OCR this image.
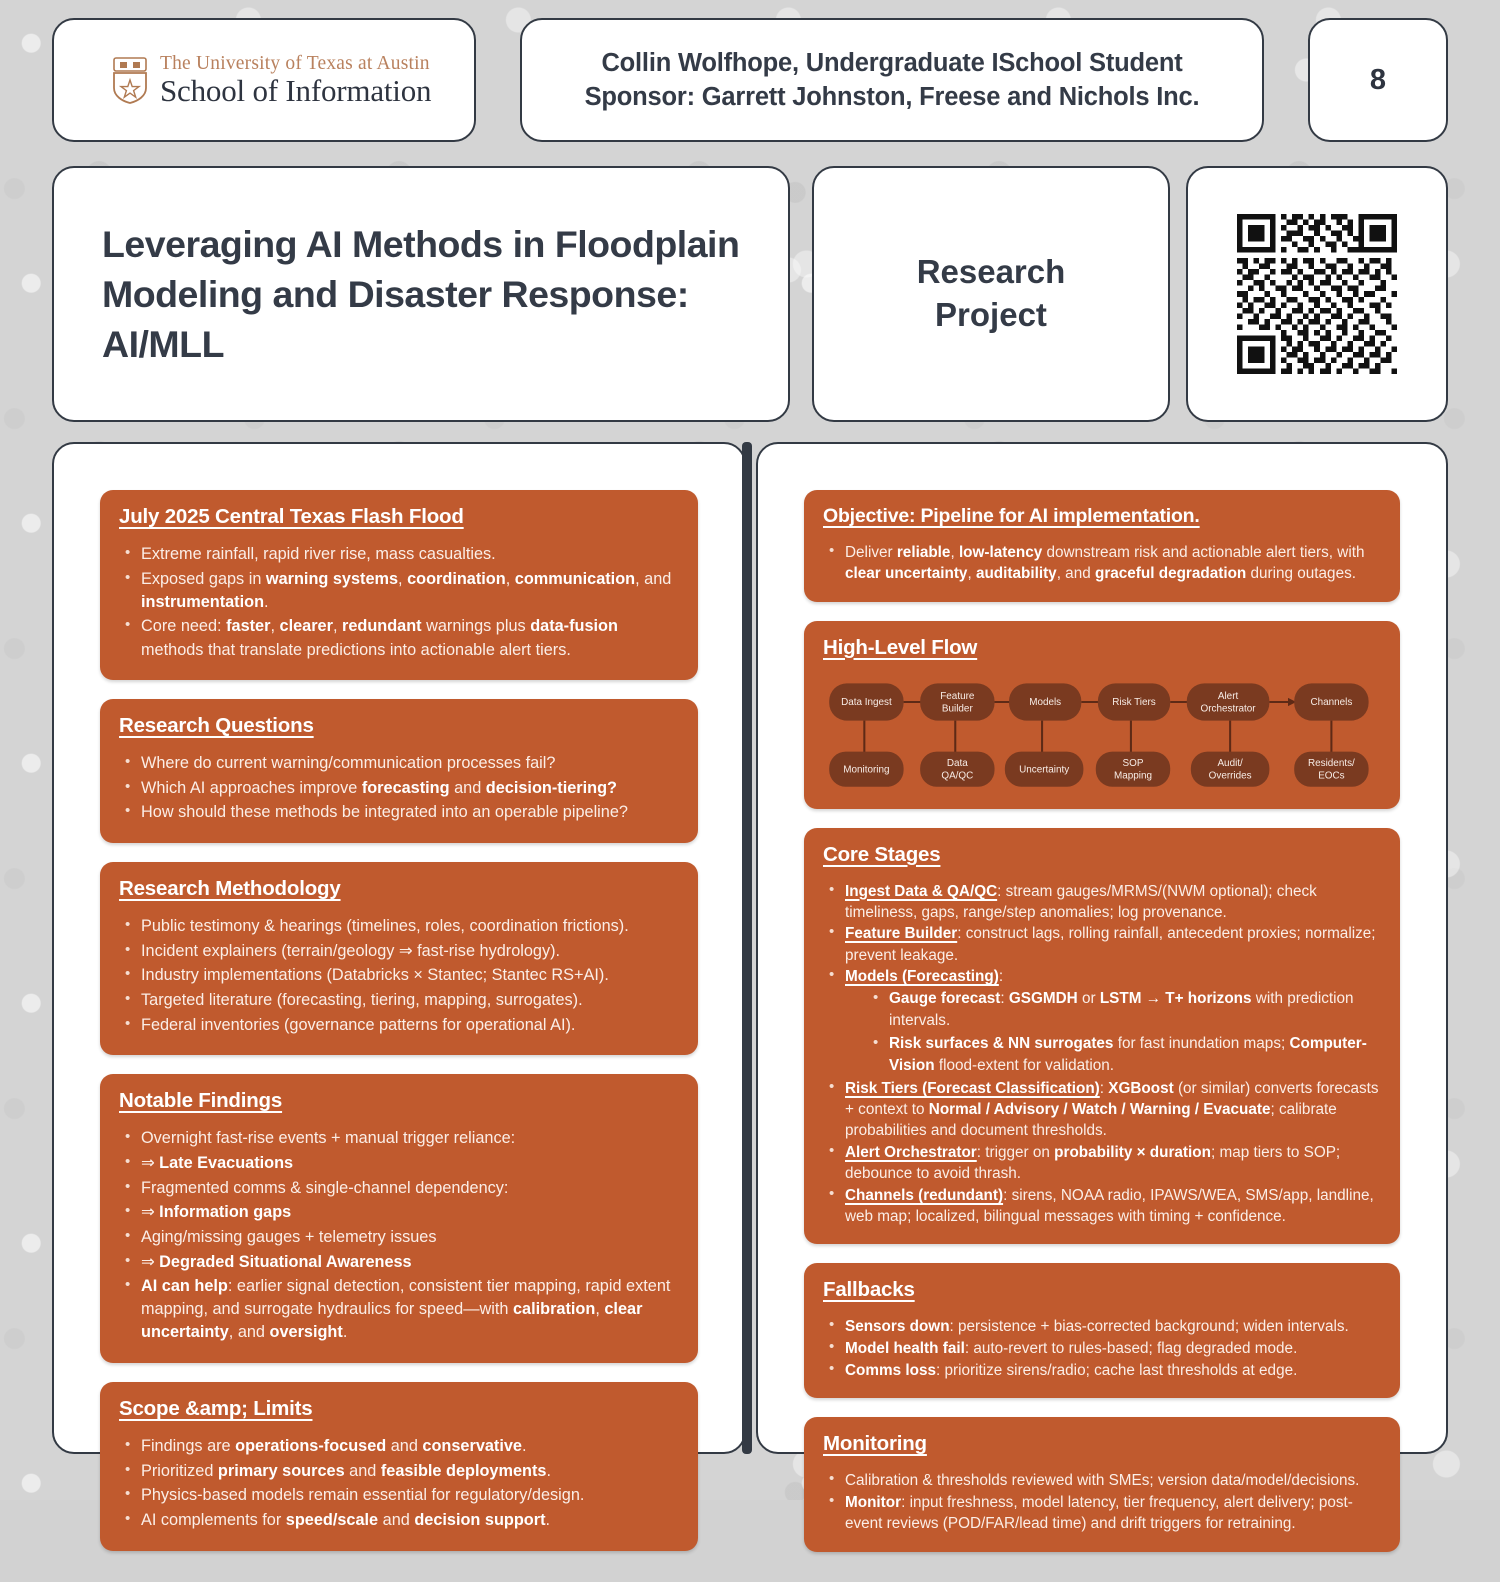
The University of Texas at Austin
School of Information
Collin Wolfhope, Undergraduate ISchool Student
Sponsor: Garrett Johnston, Freese and Nichols Inc.
8
Leveraging AI Methods in Floodplain Modeling and Disaster Response: AI/MLL
Research
Project
July 2025 Central Texas Flash Flood
• Extreme rainfall, rapid river rise, mass casualties.
• Exposed gaps in warning systems, coordination, communication, and instrumentation.
• Core need: faster, clearer, redundant warnings plus data-fusion methods that translate predictions into actionable alert tiers.
Research Questions
• Where do current warning/communication processes fail?
• Which AI approaches improve forecasting and decision-tiering?
• How should these methods be integrated into an operable pipeline?
Research Methodology
• Public testimony & hearings (timelines, roles, coordination frictions).
• Incident explainers (terrain/geology ⇒ fast-rise hydrology).
• Industry implementations (Databricks × Stantec; Stantec RS+AI).
• Targeted literature (forecasting, tiering, mapping, surrogates).
• Federal inventories (governance patterns for operational AI).
Notable Findings
• Overnight fast-rise events + manual trigger reliance:
• ⇒ Late Evacuations
• Fragmented comms & single-channel dependency:
• ⇒ Information gaps
• Aging/missing gauges + telemetry issues
• ⇒ Degraded Situational Awareness
• AI can help: earlier signal detection, consistent tier mapping, rapid extent mapping, and surrogate hydraulics for speed—with calibration, clear uncertainty, and oversight.
Scope &amp; Limits
• Findings are operations-focused and conservative.
• Prioritized primary sources and feasible deployments.
• Physics-based models remain essential for regulatory/design.
• AI complements for speed/scale and decision support.
Objective: Pipeline for AI implementation.
• Deliver reliable, low-latency downstream risk and actionable alert tiers, with clear uncertainty, auditability, and graceful degradation during outages.
High-Level Flow
Data Ingest
Feature
Builder
Models	Risk Tiers
Alert
Orchestrator
Channels
Monitoring
Data
QA/QC
Uncertainty
SOP
Mapping
Audit/
Overrides
Residents/
EOCs
Core Stages
• Ingest Data & QA/QC: stream gauges/MRMS/(NWM optional); check timeliness, gaps, range/step anomalies; log provenance.
• Feature Builder: construct lags, rolling rainfall, antecedent proxies; normalize; prevent leakage.
• Models (Forecasting):
• Gauge forecast: GSGMDH or LSTM → T+ horizons with prediction intervals.
• Risk surfaces & NN surrogates for fast inundation maps; Computer-Vision flood-extent for validation.
• Risk Tiers (Forecast Classification): XGBoost (or similar) converts forecasts + context to Normal / Advisory / Watch / Warning / Evacuate; calibrate probabilities and document thresholds.
• Alert Orchestrator: trigger on probability × duration; map tiers to SOP; debounce to avoid thrash.
• Channels (redundant): sirens, NOAA radio, IPAWS/WEA, SMS/app, landline, web map; localized, bilingual messages with timing + confidence.
Fallbacks
• Sensors down: persistence + bias-corrected background; widen intervals.
• Model health fail: auto-revert to rules-based; flag degraded mode.
• Comms loss: prioritize sirens/radio; cache last thresholds at edge.
Monitoring
• Calibration & thresholds reviewed with SMEs; version data/model/decisions.
• Monitor: input freshness, model latency, tier frequency, alert delivery; post-event reviews (POD/FAR/lead time) and drift triggers for retraining.
